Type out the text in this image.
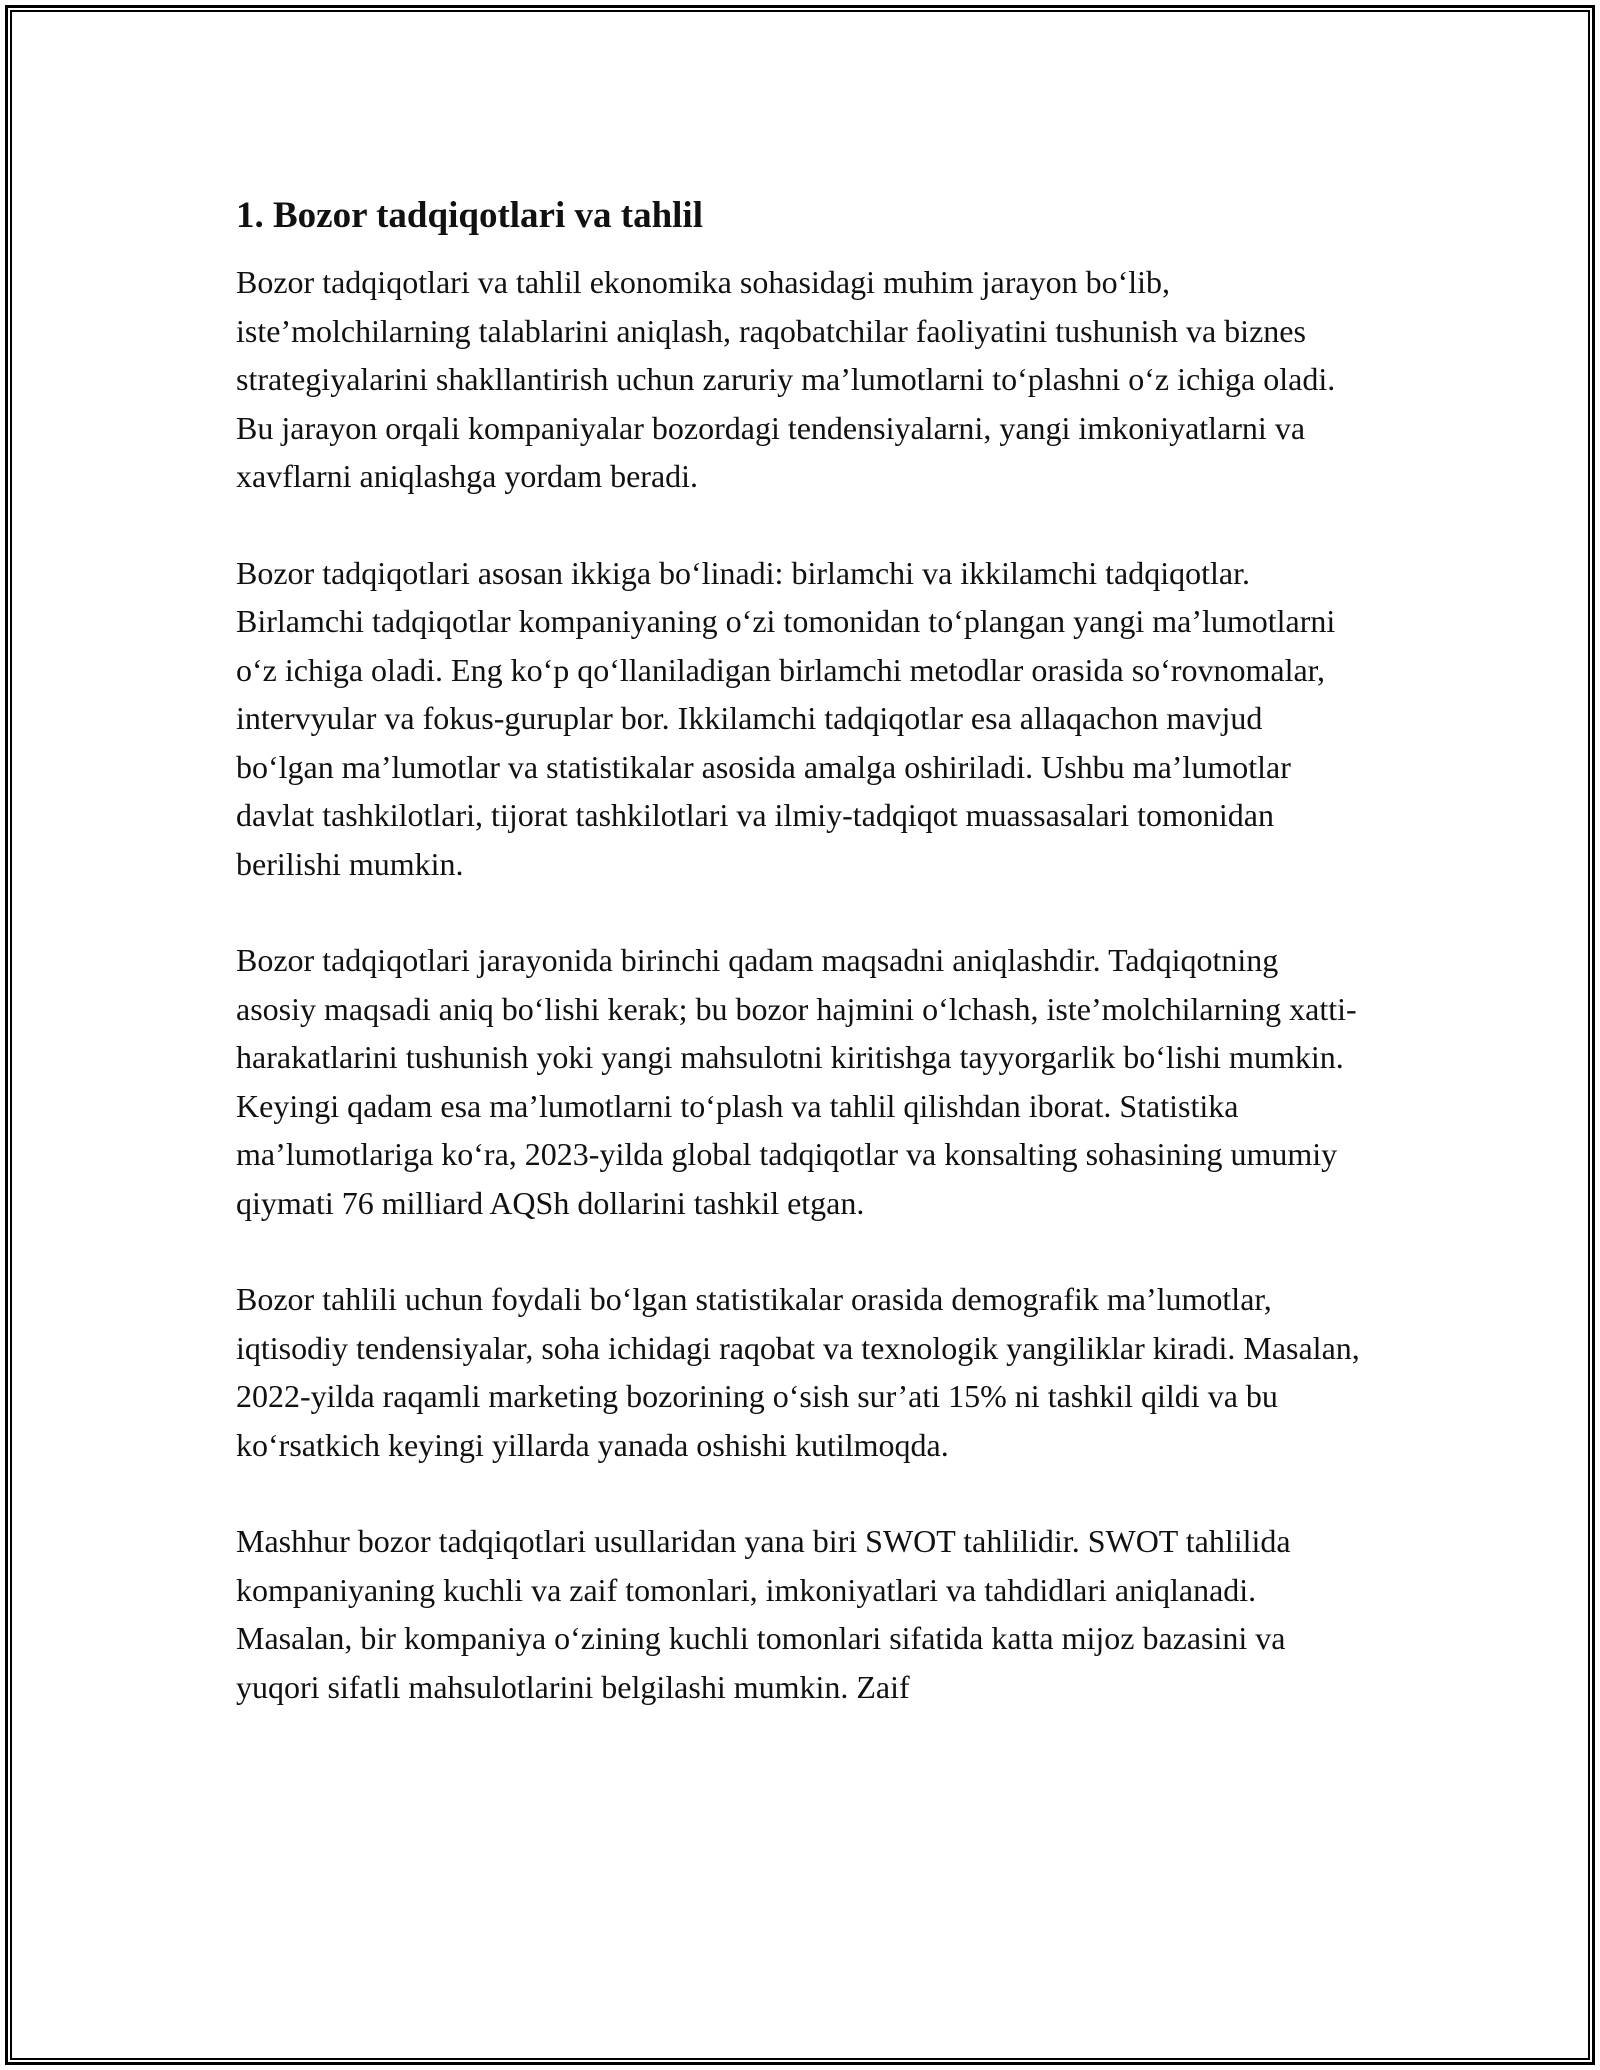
1. Bozor tadqiqotlari va tahlil

Bozor tadqiqotlari va tahlil ekonomika sohasidagi muhim jarayon bo‘lib, iste’molchilarning talablarini aniqlash, raqobatchilar faoliyatini tushunish va biznes strategiyalarini shakllantirish uchun zaruriy ma’lumotlarni to‘plashni o‘z ichiga oladi. Bu jarayon orqali kompaniyalar bozordagi tendensiyalarni, yangi imkoniyatlarni va xavflarni aniqlashga yordam beradi.

Bozor tadqiqotlari asosan ikkiga bo‘linadi: birlamchi va ikkilamchi tadqiqotlar. Birlamchi tadqiqotlar kompaniyaning o‘zi tomonidan to‘plangan yangi ma’lumotlarni o‘z ichiga oladi. Eng ko‘p qo‘llaniladigan birlamchi metodlar orasida so‘rovnomalar, intervyular va fokus-guruplar bor. Ikkilamchi tadqiqotlar esa allaqachon mavjud bo‘lgan ma’lumotlar va statistikalar asosida amalga oshiriladi. Ushbu ma’lumotlar davlat tashkilotlari, tijorat tashkilotlari va ilmiy-tadqiqot muassasalari tomonidan berilishi mumkin.

Bozor tadqiqotlari jarayonida birinchi qadam maqsadni aniqlashdir. Tadqiqotning asosiy maqsadi aniq bo‘lishi kerak; bu bozor hajmini o‘lchash, iste’molchilarning xatti-harakatlarini tushunish yoki yangi mahsulotni kiritishga tayyorgarlik bo‘lishi mumkin. Keyingi qadam esa ma’lumotlarni to‘plash va tahlil qilishdan iborat. Statistika ma’lumotlariga ko‘ra, 2023-yilda global tadqiqotlar va konsalting sohasining umumiy qiymati 76 milliard AQSh dollarini tashkil etgan.

Bozor tahlili uchun foydali bo‘lgan statistikalar orasida demografik ma’lumotlar, iqtisodiy tendensiyalar, soha ichidagi raqobat va texnologik yangiliklar kiradi. Masalan, 2022-yilda raqamli marketing bozorining o‘sish sur’ati 15% ni tashkil qildi va bu ko‘rsatkich keyingi yillarda yanada oshishi kutilmoqda.

Mashhur bozor tadqiqotlari usullaridan yana biri SWOT tahlilidir. SWOT tahlilida kompaniyaning kuchli va zaif tomonlari, imkoniyatlari va tahdidlari aniqlanadi. Masalan, bir kompaniya o‘zining kuchli tomonlari sifatida katta mijoz bazasini va yuqori sifatli mahsulotlarini belgilashi mumkin. Zaif
